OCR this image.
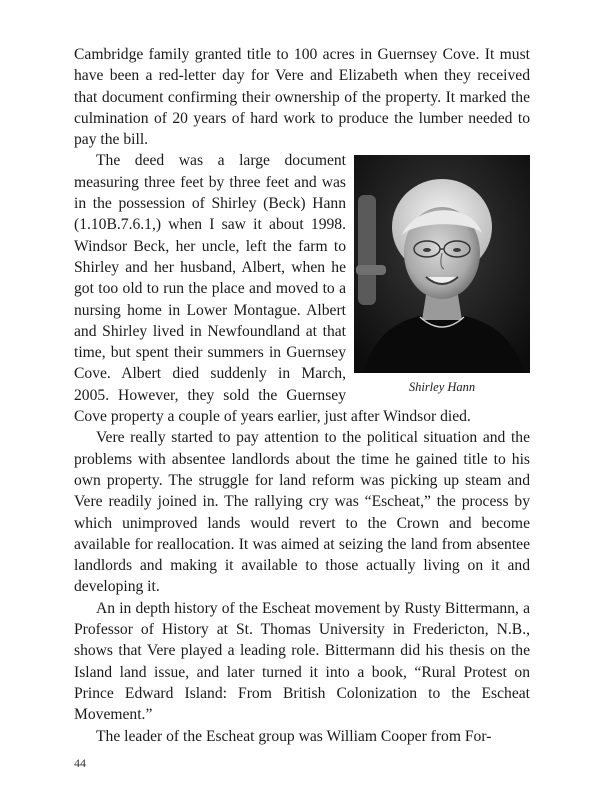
Cambridge family granted title to 100 acres in Guernsey Cove. It must have been a red-letter day for Vere and Elizabeth when they received that document confirming their ownership of the property. It marked the culmination of 20 years of hard work to produce the lumber needed to pay the bill.

Shirley Hann

The deed was a large document measuring three feet by three feet and was in the possession of Shirley (Beck) Hann (1.10B.7.6.1,) when I saw it about 1998. Windsor Beck, her uncle, left the farm to Shirley and her husband, Albert, when he got too old to run the place and moved to a nursing home in Lower Montague. Albert and Shirley lived in Newfoundland at that time, but spent their summers in Guernsey Cove. Albert died suddenly in March, 2005. However, they sold the Guernsey Cove property a couple of years earlier, just after Windsor died.

Vere really started to pay attention to the political situation and the problems with absentee landlords about the time he gained title to his own property. The struggle for land reform was picking up steam and Vere readily joined in. The rallying cry was “Escheat,” the process by which unimproved lands would revert to the Crown and become available for reallocation. It was aimed at seizing the land from absentee landlords and making it available to those actually living on it and developing it.

An in depth history of the Escheat movement by Rusty Bittermann, a Professor of History at St. Thomas University in Fredericton, N.B., shows that Vere played a leading role. Bittermann did his thesis on the Island land issue, and later turned it into a book, “Rural Protest on Prince Edward Island: From British Colonization to the Escheat Movement.”

The leader of the Escheat group was William Cooper from For-

44
